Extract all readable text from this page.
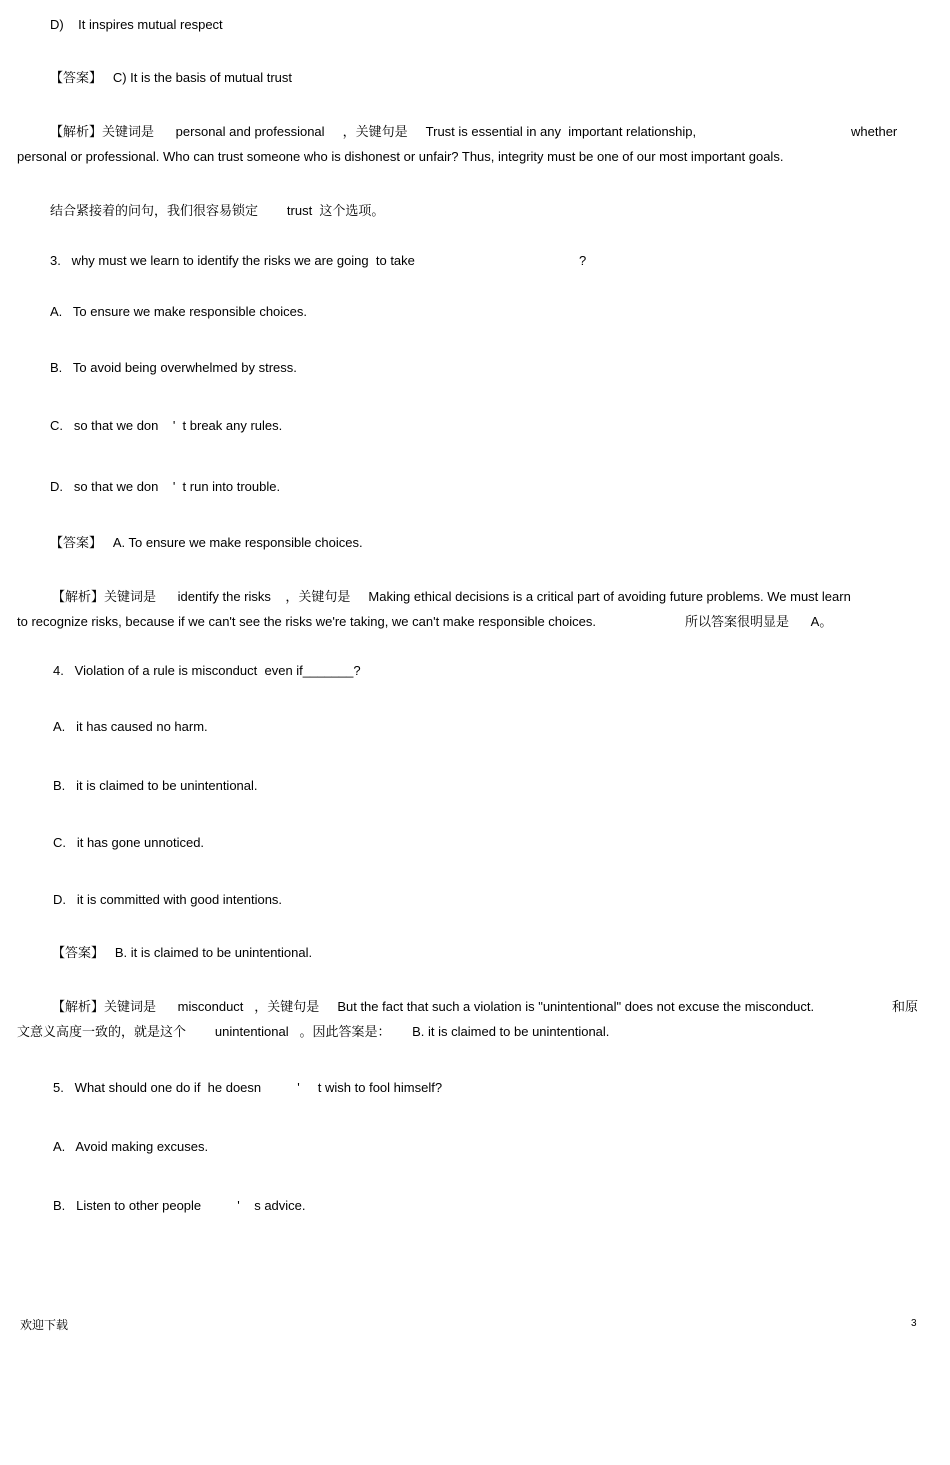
D)    It inspires mutual respect
【答案】   C) It is the basis of mutual trust
【解析】关键词是      personal and professional     ，关键句是     Trust is essential in any  important relationship,	whether
personal or professional. Who can trust someone who is dishonest or unfair? Thus, integrity must be one of our most important goals.
结合紧接着的问句，我们很容易锁定        trust  这个选项。
3.   why must we learn to identify the risks we are going  to take	?
A.   To ensure we make responsible choices.
B.   To avoid being overwhelmed by stress.
C.   so that we don    '  t break any rules.
D.   so that we don    '  t run into trouble.
【答案】   A. To ensure we make responsible choices.
【解析】关键词是      identify the risks    ，关键句是     Making ethical decisions is a critical part of avoiding future problems. We must learn
to recognize risks, because if we can't see the risks we're taking, we can't make responsible choices.	所以答案很明显是      A。
4.   Violation of a rule is misconduct  even if_______?
A.   it has caused no harm.
B.   it is claimed to be unintentional.
C.   it has gone unnoticed.
D.   it is committed with good intentions.
【答案】   B. it is claimed to be unintentional.
【解析】关键词是      misconduct   ，关键句是     But the fact that such a violation is "unintentional" does not excuse the misconduct.	和原
文意义高度一致的，就是这个        unintentional   。因此答案是：      B. it is claimed to be unintentional.
5.   What should one do if  he doesn          '     t wish to fool himself?
A.   Avoid making excuses.
B.   Listen to other people          '    s advice.
欢迎下载	3
